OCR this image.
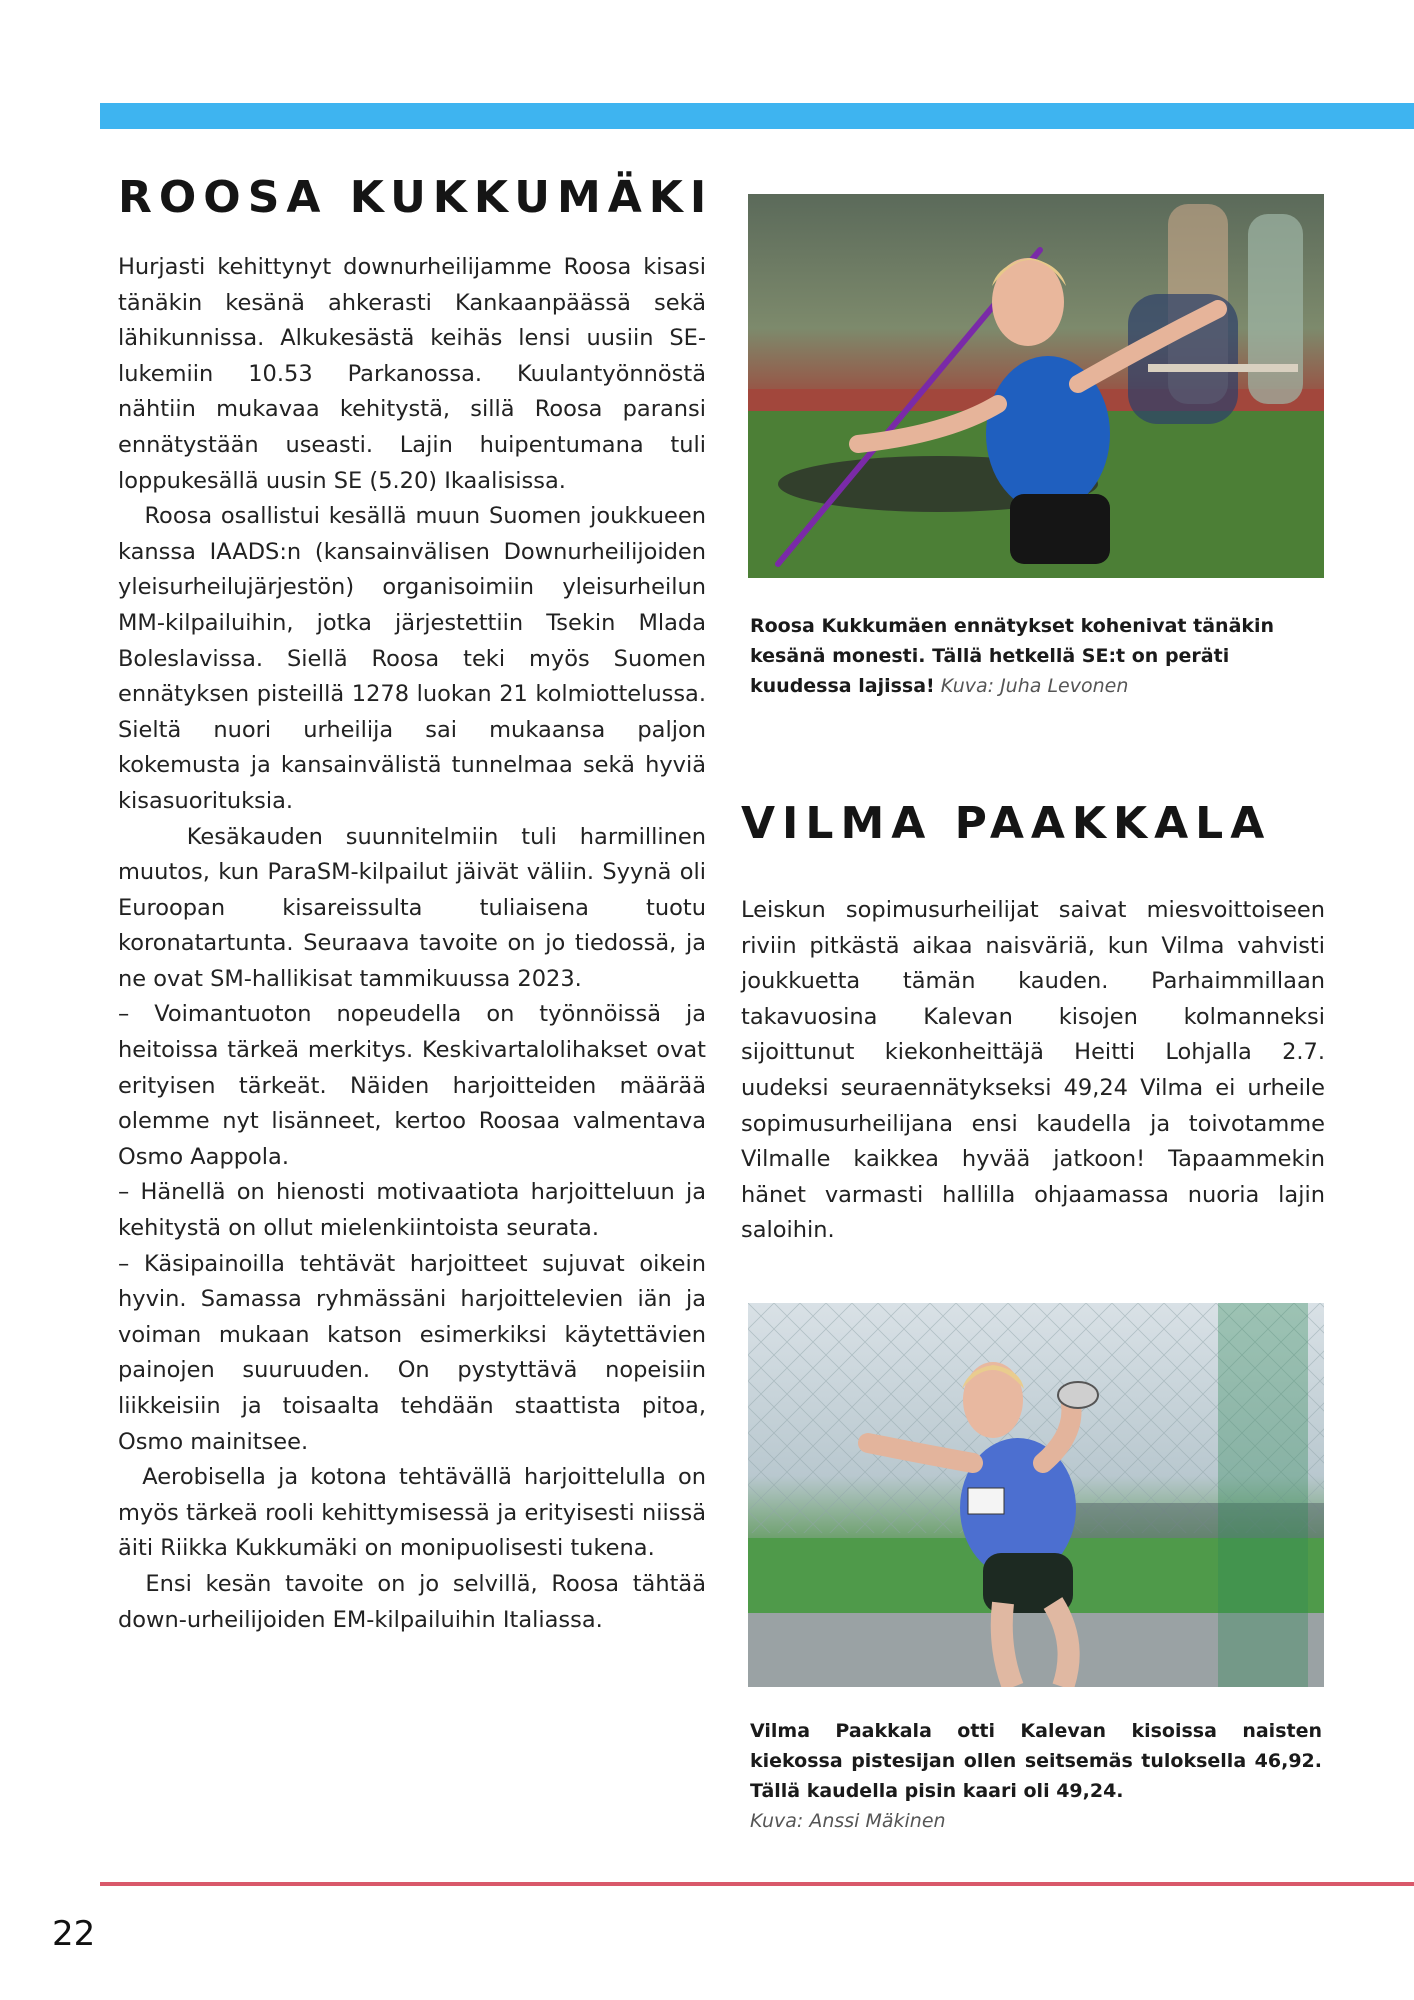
ROOSA KUKKUMÄKI

Hurjasti kehittynyt downurheilijamme Roosa kisasi tänäkin kesänä ahkerasti Kankaanpäässä sekä lähikunnissa. Alkukesästä keihäs lensi uusiin SE-lukemiin 10.53 Parkanossa. Kuulantyönnöstä nähtiin mukavaa kehitystä, sillä Roosa paransi ennätystään useasti. Lajin huipentumana tuli loppukesällä uusin SE (5.20) Ikaalisissa.

Roosa osallistui kesällä muun Suomen joukkueen kanssa IAADS:n (kansainvälisen Downurheilijoiden yleisurheilujärjestön) organisoimiin yleisurheilun MM-kilpailuihin, jotka järjestettiin Tsekin Mlada Boleslavissa. Siellä Roosa teki myös Suomen ennätyksen pisteillä 1278 luokan 21 kolmiottelussa. Sieltä nuori urheilija sai mukaansa paljon kokemusta ja kansainvälistä tunnelmaa sekä hyviä kisasuorituksia.

Kesäkauden suunnitelmiin tuli harmillinen muutos, kun ParaSM-kilpailut jäivät väliin. Syynä oli Euroopan kisareissulta tuliaisena tuotu koronatartunta. Seuraava tavoite on jo tiedossä, ja ne ovat SM-hallikisat tammikuussa 2023.

– Voimantuoton nopeudella on työnnöissä ja heitoissa tärkeä merkitys. Keskivartalolihakset ovat erityisen tärkeät. Näiden harjoitteiden määrää olemme nyt lisänneet, kertoo Roosaa valmentava Osmo Aappola.

– Hänellä on hienosti motivaatiota harjoitteluun ja kehitystä on ollut mielenkiintoista seurata.

– Käsipainoilla tehtävät harjoitteet sujuvat oikein hyvin. Samassa ryhmässäni harjoittelevien iän ja voiman mukaan katson esimerkiksi käytettävien painojen suuruuden. On pystyttävä nopeisiin liikkeisiin ja toisaalta tehdään staattista pitoa, Osmo mainitsee.

Aerobisella ja kotona tehtävällä harjoittelulla on myös tärkeä rooli kehittymisessä ja erityisesti niissä äiti Riikka Kukkumäki on monipuolisesti tukena.

Ensi kesän tavoite on jo selvillä, Roosa tähtää down-urheilijoiden EM-kilpailuihin Italiassa.

Roosa Kukkumäen ennätykset kohenivat tänäkin kesänä monesti. Tällä hetkellä SE:t on peräti kuudessa lajissa! Kuva: Juha Levonen

VILMA PAAKKALA

Leiskun sopimusurheilijat saivat miesvoittoiseen riviin pitkästä aikaa naisväriä, kun Vilma vahvisti joukkuetta tämän kauden. Parhaimmillaan takavuosina Kalevan kisojen kolmanneksi sijoittunut kiekonheittäjä Heitti Lohjalla 2.7. uudeksi seuraennätykseksi 49,24 Vilma ei urheile sopimusurheilijana ensi kaudella ja toivotamme Vilmalle kaikkea hyvää jatkoon! Tapaammekin hänet varmasti hallilla ohjaamassa nuoria lajin saloihin.

Vilma Paakkala otti Kalevan kisoissa naisten kiekossa pistesijan ollen seitsemäs tuloksella 46,92. Tällä kaudella pisin kaari oli 49,24.
Kuva: Anssi Mäkinen

22
